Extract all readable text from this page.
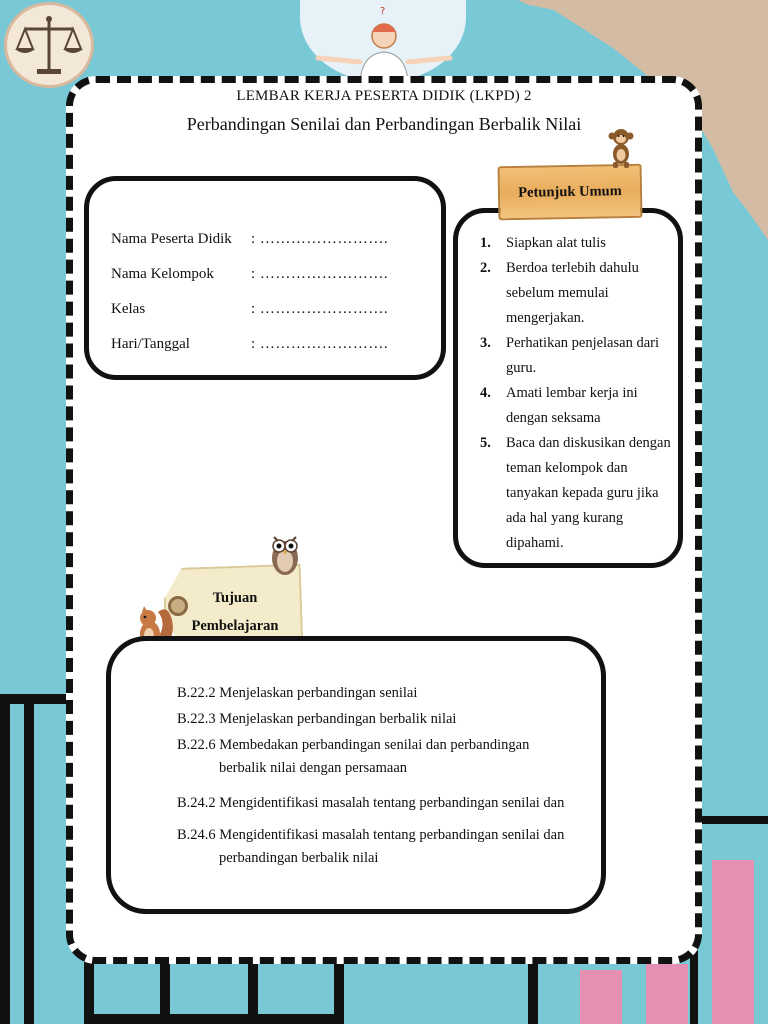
?
LEMBAR KERJA PESERTA DIDIK (LKPD) 2
Perbandingan Senilai dan Perbandingan Berbalik Nilai
Nama Peserta Didik	: …………………….
Nama Kelompok	: …………………….
Kelas	: …………………….
Hari/Tanggal	: …………………….
1.	Siapkan alat tulis
2.	Berdoa terlebih dahulu sebelum memulai mengerjakan.
3.	Perhatikan penjelasan dari guru.
4.	Amati lembar kerja ini dengan seksama
5.	Baca dan diskusikan dengan teman kelompok dan tanyakan kepada guru jika ada hal yang kurang dipahami.
Petunjuk Umum
Tujuan
Pembelajaran
B.22.2 Menjelaskan perbandingan senilai
B.22.3 Menjelaskan perbandingan berbalik nilai
B.22.6 Membedakan perbandingan senilai dan perbandingan
berbalik nilai dengan persamaan
B.24.2 Mengidentifikasi masalah tentang perbandingan senilai dan
B.24.6 Mengidentifikasi masalah tentang perbandingan senilai dan
perbandingan berbalik nilai
